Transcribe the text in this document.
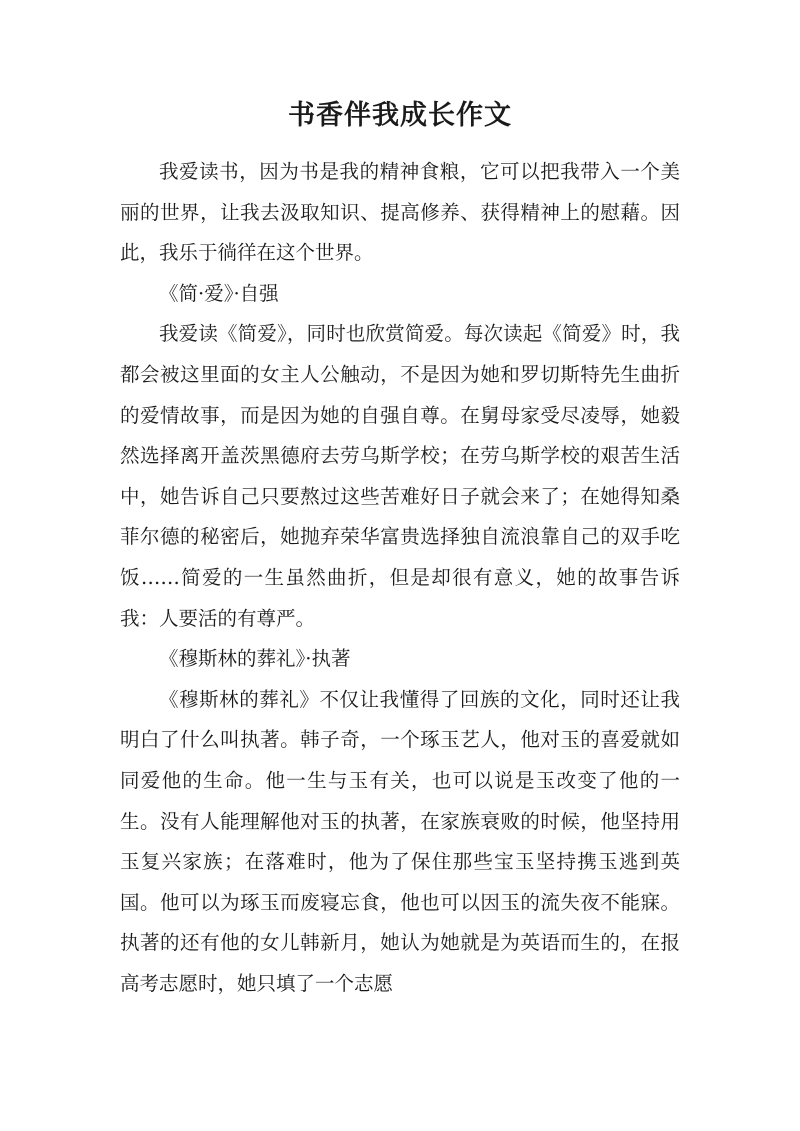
书香伴我成长作文

我爱读书，因为书是我的精神食粮，它可以把我带入一个美丽的世界，让我去汲取知识、提高修养、获得精神上的慰藉。因此，我乐于徜徉在这个世界。

《简·爱》·自强

我爱读《简爱》，同时也欣赏简爱。每次读起《简爱》时，我都会被这里面的女主人公触动，不是因为她和罗切斯特先生曲折的爱情故事，而是因为她的自强自尊。在舅母家受尽凌辱，她毅然选择离开盖茨黑德府去劳乌斯学校；在劳乌斯学校的艰苦生活中，她告诉自己只要熬过这些苦难好日子就会来了；在她得知桑菲尔德的秘密后，她抛弃荣华富贵选择独自流浪靠自己的双手吃饭……简爱的一生虽然曲折，但是却很有意义，她的故事告诉我：人要活的有尊严。

《穆斯林的葬礼》·执著

《穆斯林的葬礼》不仅让我懂得了回族的文化，同时还让我明白了什么叫执著。韩子奇，一个琢玉艺人，他对玉的喜爱就如同爱他的生命。他一生与玉有关，也可以说是玉改变了他的一生。没有人能理解他对玉的执著，在家族衰败的时候，他坚持用玉复兴家族；在落难时，他为了保住那些宝玉坚持携玉逃到英国。他可以为琢玉而废寝忘食，他也可以因玉的流失夜不能寐。执著的还有他的女儿韩新月，她认为她就是为英语而生的，在报高考志愿时，她只填了一个志愿
